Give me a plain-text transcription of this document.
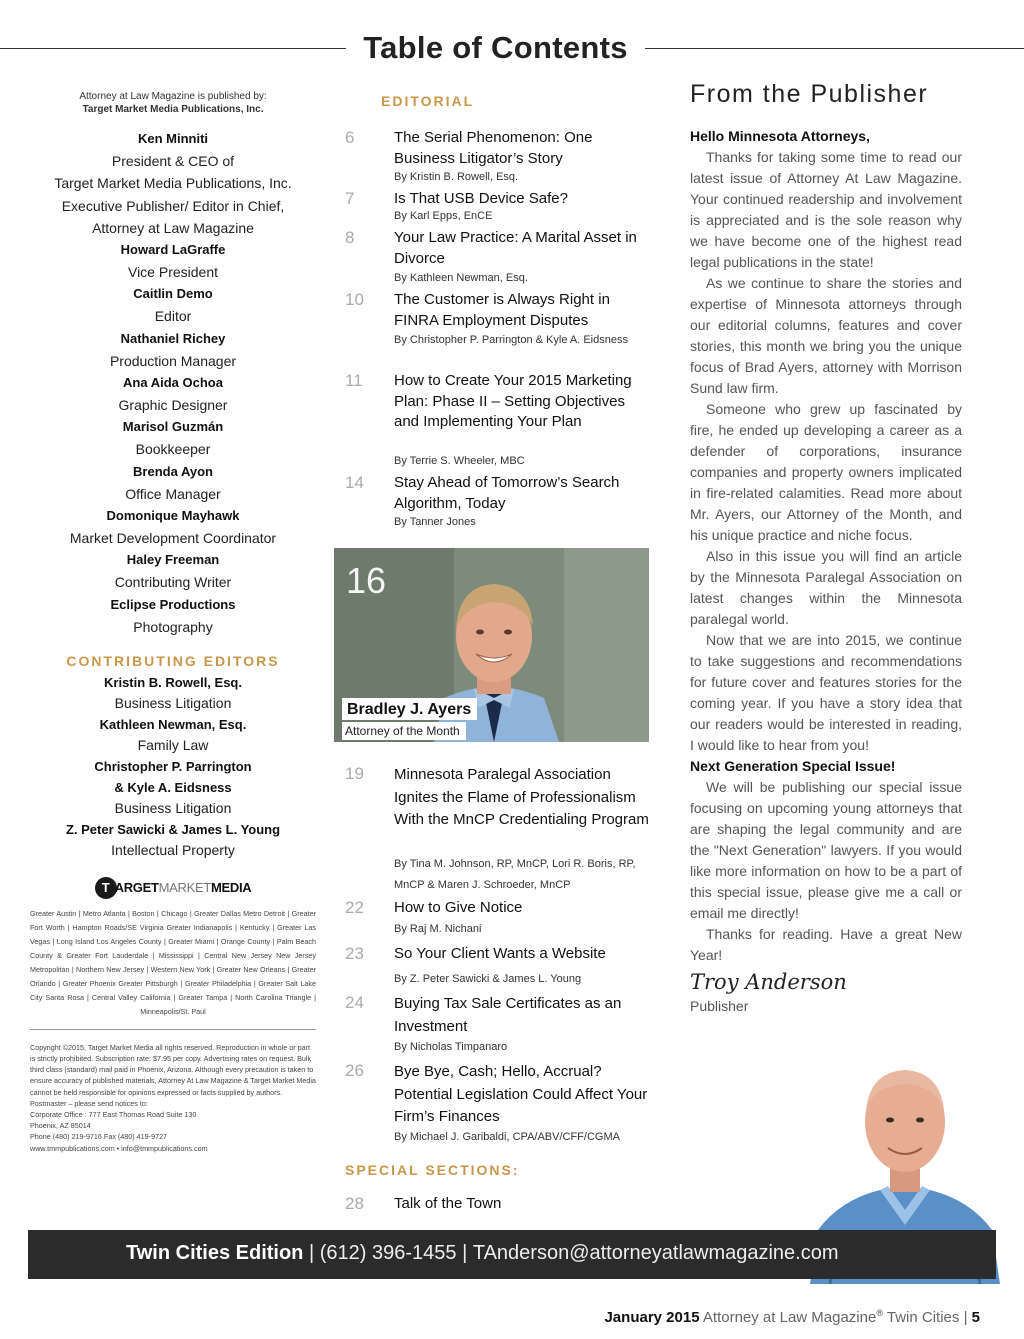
Table of Contents
Attorney at Law Magazine is published by:
Target Market Media Publications, Inc.
Ken Minniti
President & CEO of
Target Market Media Publications, Inc.
Executive Publisher/ Editor in Chief,
Attorney at Law Magazine
Howard LaGraffe
Vice President
Caitlin Demo
Editor
Nathaniel Richey
Production Manager
Ana Aida Ochoa
Graphic Designer
Marisol Guzmán
Bookkeeper
Brenda Ayon
Office Manager
Domonique Mayhawk
Market Development Coordinator
Haley Freeman
Contributing Writer
Eclipse Productions
Photography
CONTRIBUTING EDITORS
Kristin B. Rowell, Esq.
Business Litigation
Kathleen Newman, Esq.
Family Law
Christopher P. Parrington
& Kyle A. Eidsness
Business Litigation
Z. Peter Sawicki & James L. Young
Intellectual Property
T ARGET MARKET MEDIA
Greater Austin | Metro Atlanta | Boston | Chicago | Greater Dallas Metro Detroit | Greater Fort Worth | Hampton Roads/SE Virginia Greater Indianapolis | Kentucky | Greater Las Vegas | Long Island Los Angeles County | Greater Miami | Orange County | Palm Beach County & Greater Fort Lauderdale | Mississippi | Central New Jersey New Jersey Metropolitan | Northern New Jersey | Western New York | Greater New Orleans | Greater Orlando | Greater Phoenix Greater Pittsburgh | Greater Philadelphia | Greater Salt Lake City Santa Rosa | Central Valley California | Greater Tampa | North Carolina Triangle | Minneapolis/St. Paul
Copyright ©2015, Target Market Media all rights reserved. Reproduction in whole or part is strictly prohibited. Subscription rate: $7.95 per copy. Advertising rates on request. Bulk third class (standard) mail paid in Phoenix, Arizona. Although every precaution is taken to ensure accuracy of published materials, Attorney At Law Magazine & Target Market Media cannot be held responsible for opinions expressed or facts supplied by authors.
Postmaster – please send notices to:
Corporate Office : 777 East Thomas Road Suite 130
Phoenix, AZ 85014
Phone (480) 219-9716 Fax (480) 419-9727
www.tmmpublications.com • info@tmmpublications.com
EDITORIAL
6	The Serial Phenomenon: One Business Litigator’s Story
By Kristin B. Rowell, Esq.
7	Is That USB Device Safe?
By Karl Epps, EnCE
8	Your Law Practice: A Marital Asset in Divorce
By Kathleen Newman, Esq.
10 The Customer is Always Right in FINRA Employment Disputes
By Christopher P. Parrington & Kyle A. Eidsness
11 How to Create Your 2015 Marketing Plan: Phase II – Setting Objectives and Implementing Your Plan
By Terrie S. Wheeler, MBC
14 Stay Ahead of Tomorrow’s Search Algorithm, Today
By Tanner Jones
16
Bradley J. Ayers
Attorney of the Month
19 Minnesota Paralegal Association Ignites the Flame of Professionalism With the MnCP Credentialing Program
By Tina M. Johnson, RP, MnCP, Lori R. Boris, RP, MnCP & Maren J. Schroeder, MnCP
22 How to Give Notice
By Raj M. Nichani
23 So Your Client Wants a Website
By Z. Peter Sawicki & James L. Young
24 Buying Tax Sale Certificates as an Investment
By Nicholas Timpanaro
26 Bye Bye, Cash; Hello, Accrual? Potential Legislation Could Affect Your Firm’s Finances
By Michael J. Garibaldi, CPA/ABV/CFF/CGMA
SPECIAL SECTIONS:
28 Talk of the Town
From the Publisher
Hello Minnesota Attorneys,
Thanks for taking some time to read our latest issue of Attorney At Law Magazine. Your continued readership and involvement is appreciated and is the sole reason why we have become one of the highest read legal publications in the state!
As we continue to share the stories and expertise of Minnesota attorneys through our editorial columns, features and cover stories, this month we bring you the unique focus of Brad Ayers, attorney with Morrison Sund law firm.
Someone who grew up fascinated by fire, he ended up developing a career as a defender of corporations, insurance companies and property owners implicated in fire-related calamities. Read more about Mr. Ayers, our Attorney of the Month, and his unique practice and niche focus.
Also in this issue you will find an article by the Minnesota Paralegal Association on latest changes within the Minnesota paralegal world.
Now that we are into 2015, we continue to take suggestions and recommendations for future cover and features stories for the coming year. If you have a story idea that our readers would be interested in reading, I would like to hear from you!
Next Generation Special Issue!
We will be publishing our special issue focusing on upcoming young attorneys that are shaping the legal community and are the "Next Generation" lawyers. If you would like more information on how to be a part of this special issue, please give me a call or email me directly!
Thanks for reading. Have a great New Year!
Troy Anderson
Publisher
Twin Cities Edition | (612) 396-1455 | TAnderson@attorneyatlawmagazine.com
January 2015 Attorney at Law Magazine® Twin Cities | 5
